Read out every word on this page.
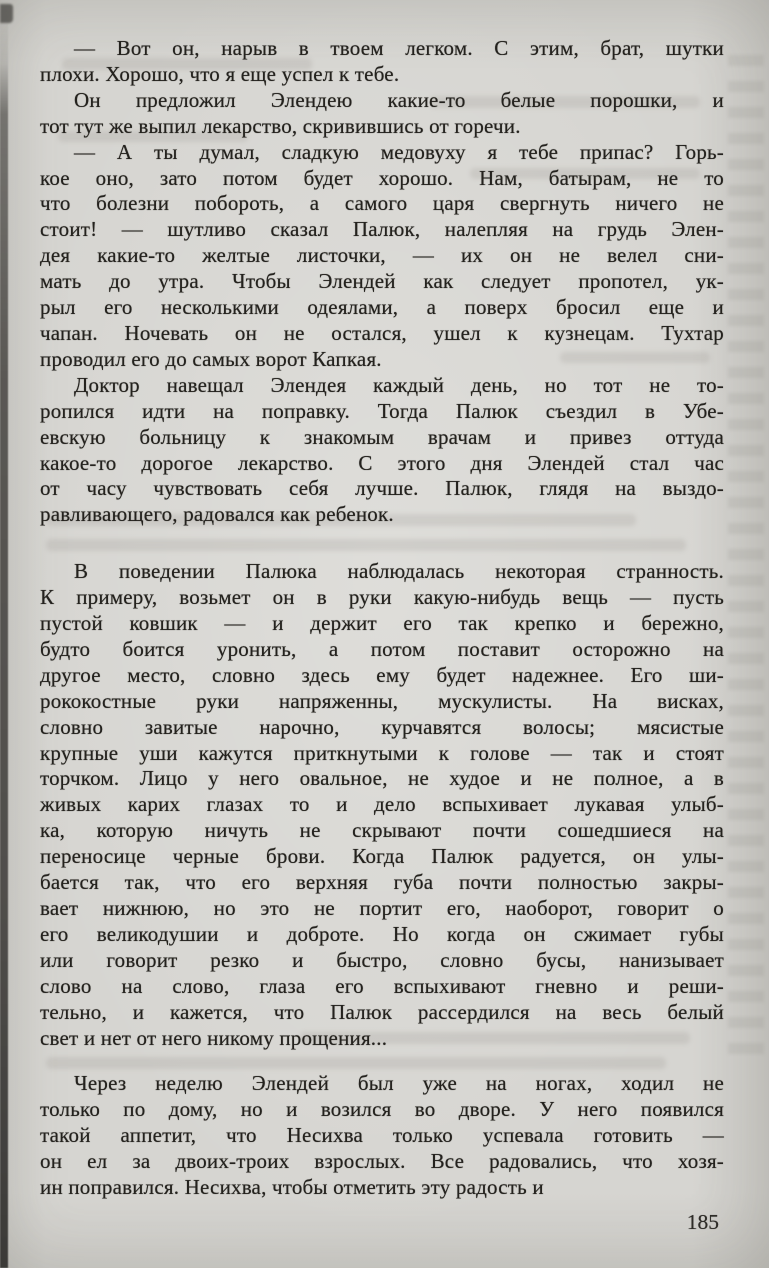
— Вот он, нарыв в твоем легком. С этим, брат, шутки
плохи. Хорошо, что я еще успел к тебе.
Он предложил Элендею какие-то белые порошки, и
тот тут же выпил лекарство, скривившись от горечи.
— А ты думал, сладкую медовуху я тебе припас? Горь-
кое оно, зато потом будет хорошо. Нам, батырам, не то
что болезни побороть, а самого царя свергнуть ничего не
стоит! — шутливо сказал Палюк, налепляя на грудь Элен-
дея какие-то желтые листочки, — их он не велел сни-
мать до утра. Чтобы Элендей как следует пропотел, ук-
рыл его несколькими одеялами, а поверх бросил еще и
чапан. Ночевать он не остался, ушел к кузнецам. Тухтар
проводил его до самых ворот Капкая.
Доктор навещал Элендея каждый день, но тот не то-
ропился идти на поправку. Тогда Палюк съездил в Убе-
евскую больницу к знакомым врачам и привез оттуда
какое-то дорогое лекарство. С этого дня Элендей стал час
от часу чувствовать себя лучше. Палюк, глядя на выздо-
равливающего, радовался как ребенок.
В поведении Палюка наблюдалась некоторая странность.
К примеру, возьмет он в руки какую-нибудь вещь — пусть
пустой ковшик — и держит его так крепко и бережно,
будто боится уронить, а потом поставит осторожно на
другое место, словно здесь ему будет надежнее. Его ши-
рококостные руки напряженны, мускулисты. На висках,
словно завитые нарочно, курчавятся волосы; мясистые
крупные уши кажутся приткнутыми к голове — так и стоят
торчком. Лицо у него овальное, не худое и не полное, а в
живых карих глазах то и дело вспыхивает лукавая улыб-
ка, которую ничуть не скрывают почти сошедшиеся на
переносице черные брови. Когда Палюк радуется, он улы-
бается так, что его верхняя губа почти полностью закры-
вает нижнюю, но это не портит его, наоборот, говорит о
его великодушии и доброте. Но когда он сжимает губы
или говорит резко и быстро, словно бусы, нанизывает
слово на слово, глаза его вспыхивают гневно и реши-
тельно, и кажется, что Палюк рассердился на весь белый
свет и нет от него никому прощения...
Через неделю Элендей был уже на ногах, ходил не
только по дому, но и возился во дворе. У него появился
такой аппетит, что Несихва только успевала готовить —
он ел за двоих-троих взрослых. Все радовались, что хозя-
ин поправился. Несихва, чтобы отметить эту радость и
185
